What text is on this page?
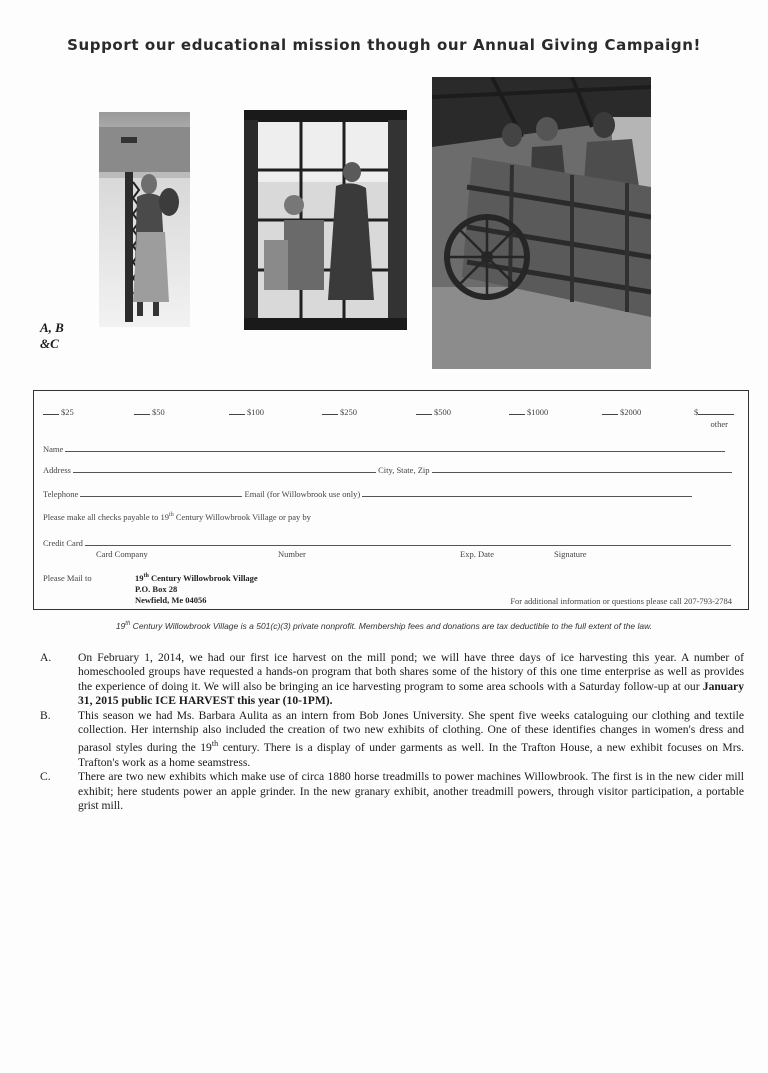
Support our educational mission though our Annual Giving Campaign!
A, B
&C
$25	$50	$100	$250	$500	$1000	$2000	$
other
Name
Address	City, State, Zip
Telephone	Email (for Willowbrook use only)
Please make all checks payable to 19th Century Willowbrook Village or pay by
Credit Card
Card Company	Number	Exp. Date	Signature
Please Mail to	19th Century Willowbrook Village
P.O. Box 28
Newfield, Me 04056	For additional information or questions please call 207-793-2784
19th Century Willowbrook Village is a 501(c)(3) private nonprofit. Membership fees and donations are tax deductible to the full extent of the law.
A. On February 1, 2014, we had our first ice harvest on the mill pond; we will have three days of ice harvesting this year. A number of homeschooled groups have requested a hands-on program that both shares some of the history of this one time enterprise as well as provides the experience of doing it. We will also be bringing an ice harvesting program to some area schools with a Saturday follow-up at our January 31, 2015 public ICE HARVEST this year (10-1PM).
B. This season we had Ms. Barbara Aulita as an intern from Bob Jones University. She spent five weeks cataloguing our clothing and textile collection. Her internship also included the creation of two new exhibits of clothing. One of these identifies changes in women's dress and parasol styles during the 19th century. There is a display of under garments as well. In the Trafton House, a new exhibit focuses on Mrs. Trafton's work as a home seamstress.
C. There are two new exhibits which make use of circa 1880 horse treadmills to power machines Willowbrook. The first is in the new cider mill exhibit; here students power an apple grinder. In the new granary exhibit, another treadmill powers, through visitor participation, a portable grist mill.
